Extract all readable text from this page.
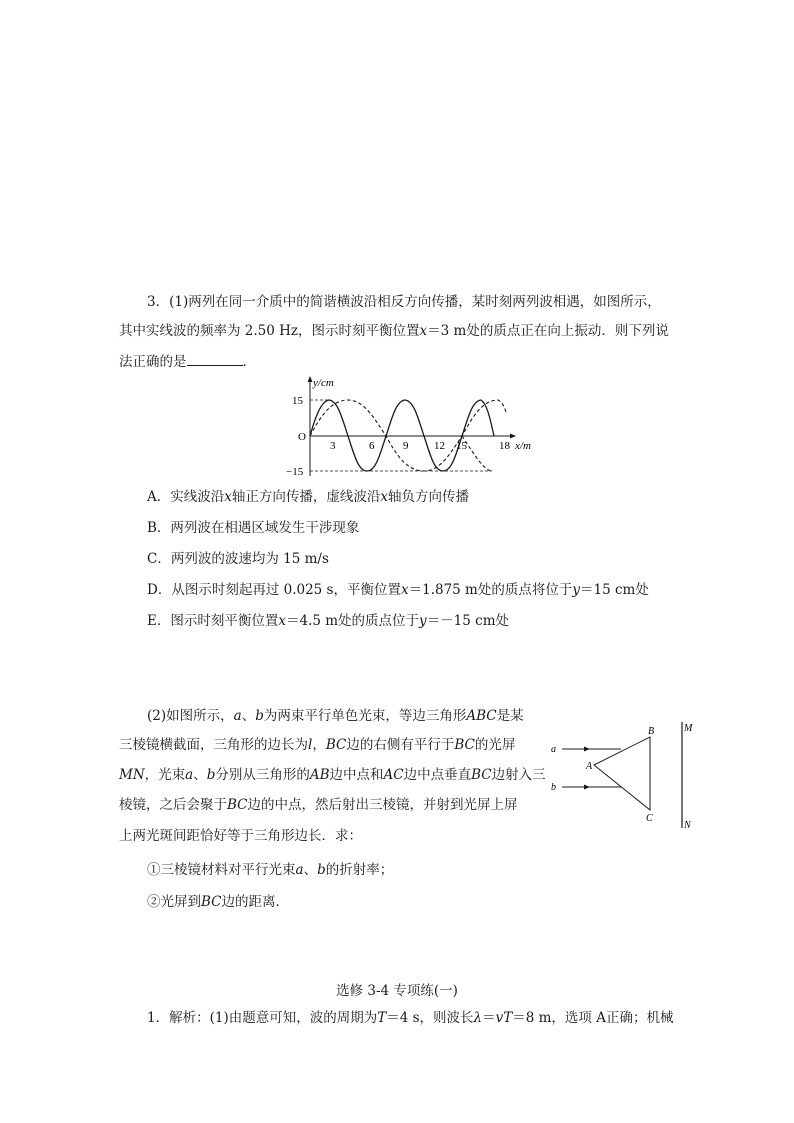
3．(1)两列在同一介质中的简谐横波沿相反方向传播，某时刻两列波相遇，如图所示，
其中实线波的频率为 2.50 Hz，图示时刻平衡位置x＝3 m处的质点正在向上振动．则下列说
法正确的是	．
y/cm
15
O
−15
3	6	9 12 15	18 x/m
A．实线波沿x轴正方向传播，虚线波沿x轴负方向传播
B．两列波在相遇区域发生干涉现象
C．两列波的波速均为 15 m/s
D．从图示时刻起再过 0.025 s，平衡位置x＝1.875 m处的质点将位于y＝15 cm处
E．图示时刻平衡位置x＝4.5 m处的质点位于y＝－15 cm处
(2)如图所示，a、b为两束平行单色光束，等边三角形ABC是某
三棱镜横截面，三角形的边长为l，BC边的右侧有平行于BC的光屏
MN，光束a、b分别从三角形的AB边中点和AC边中点垂直BC边射入三
棱镜，之后会聚于BC边的中点，然后射出三棱镜，并射到光屏上屏
上两光斑间距恰好等于三角形边长．求：
①三棱镜材料对平行光束a、b的折射率；
②光屏到BC边的距离．
a
b
A
B
C
M
N
选修 3-4 专项练(一)
1．解析：(1)由题意可知，波的周期为T＝4 s，则波长λ＝vT＝8 m，选项 A正确；机械
